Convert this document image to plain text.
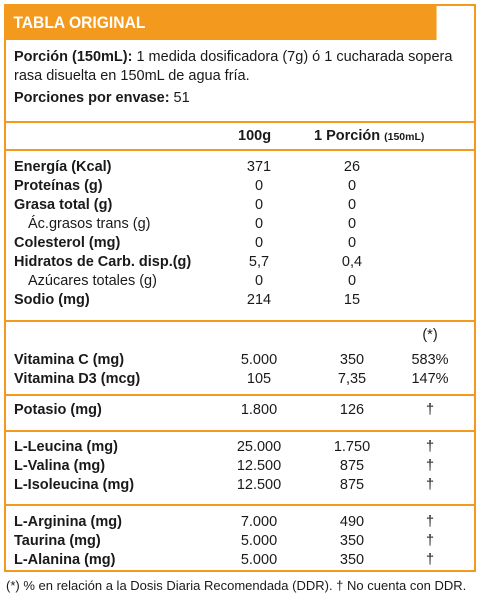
TABLA ORIGINAL
Porción (150mL): 1 medida dosificadora (7g) ó 1 cucharada sopera rasa disuelta en 150mL de agua fría.
Porciones por envase: 51
100g	1 Porción (150mL)
(*)
Energía (Kcal)	371	26
Proteínas (g)	0	0
Grasa total (g)	0	0
Ác.grasos trans (g)	0	0
Colesterol (mg)	0	0
Hidratos de Carb. disp.(g)	5,7	0,4
Azúcares totales (g)	0	0
Sodio (mg)	214	15
Vitamina C (mg)	5.000	350	583%
Vitamina D3 (mcg)	105	7,35	147%
Potasio (mg)	1.800	126	†
L-Leucina (mg)	25.000	1.750	†
L-Valina (mg)	12.500	875	†
L-Isoleucina (mg)	12.500	875	†
L-Arginina (mg)	7.000	490	†
Taurina (mg)	5.000	350	†
L-Alanina (mg)	5.000	350	†
(*) % en relación a la Dosis Diaria Recomendada (DDR). † No cuenta con DDR.
